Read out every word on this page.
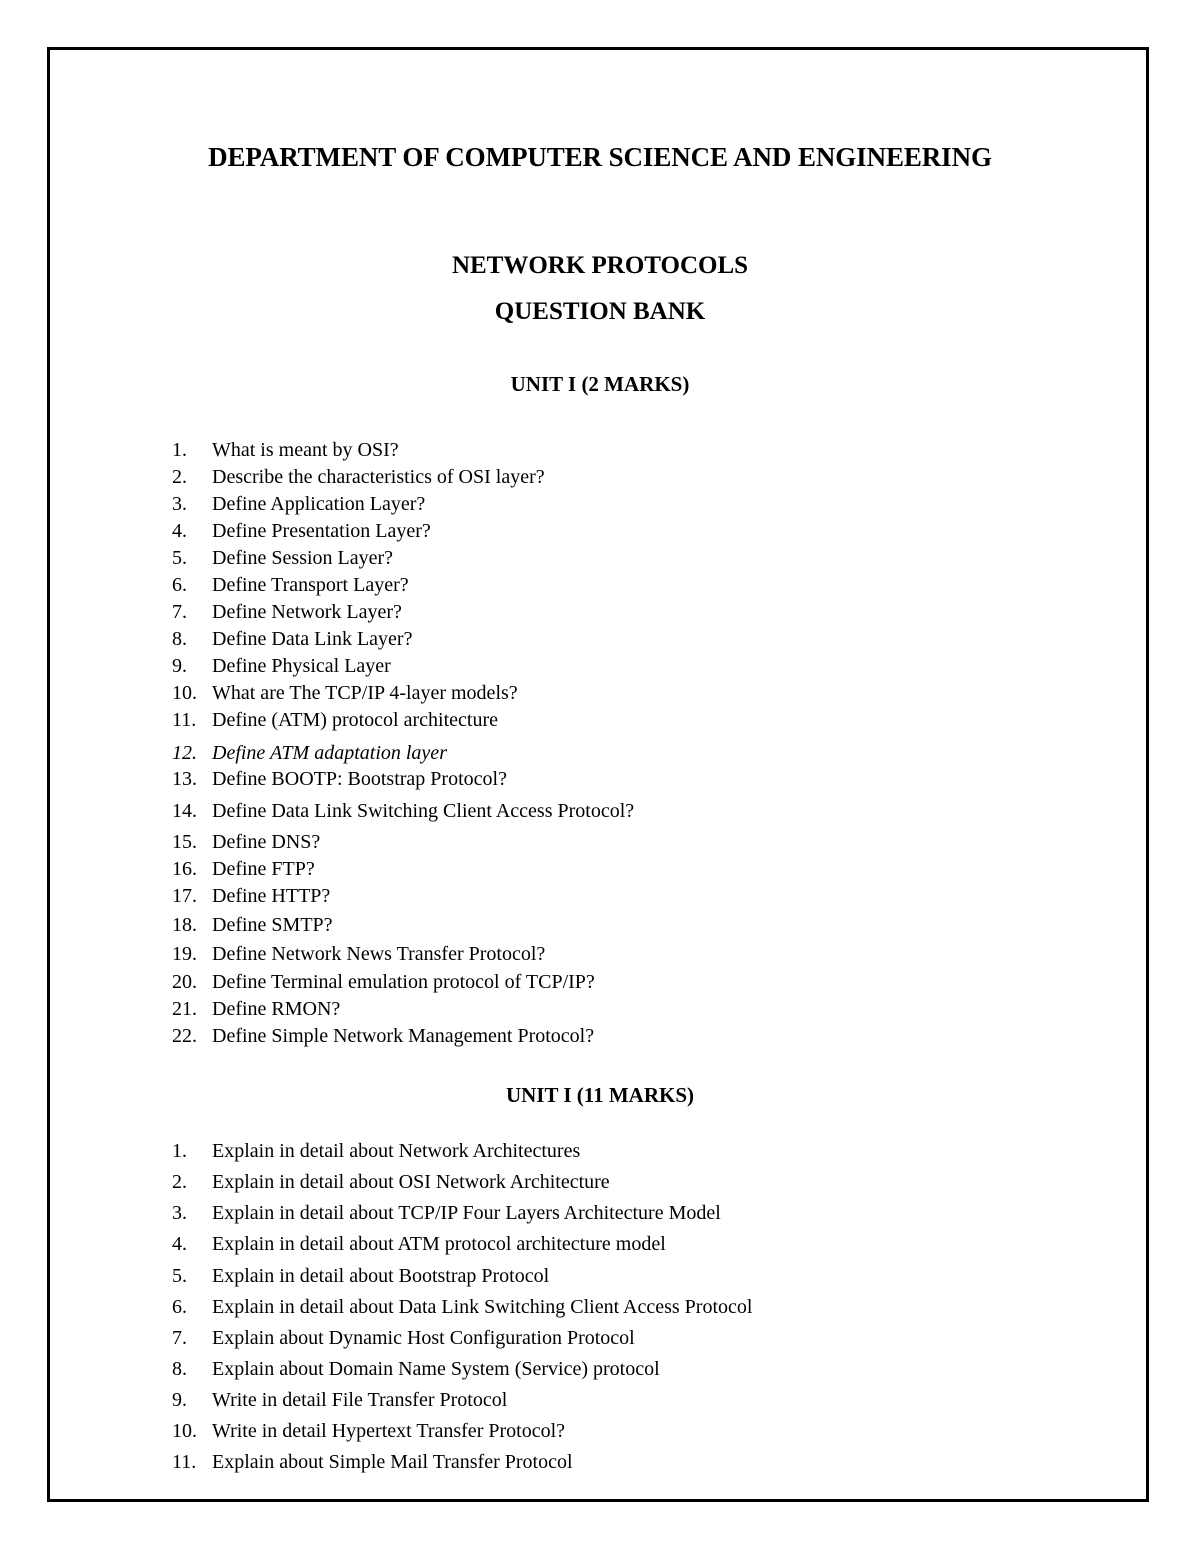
DEPARTMENT OF COMPUTER SCIENCE AND ENGINEERING
NETWORK PROTOCOLS
QUESTION BANK
UNIT I (2 MARKS)
1. What is meant by OSI?
2. Describe the characteristics of OSI layer?
3. Define Application Layer?
4. Define Presentation Layer?
5. Define Session Layer?
6. Define Transport Layer?
7. Define Network Layer?
8. Define Data Link Layer?
9. Define Physical Layer
10. What are The TCP/IP 4-layer models?
11. Define (ATM) protocol architecture
12. Define ATM adaptation layer
13. Define BOOTP: Bootstrap Protocol?
14. Define Data Link Switching Client Access Protocol?
15. Define DNS?
16. Define FTP?
17. Define HTTP?
18. Define SMTP?
19. Define Network News Transfer Protocol?
20. Define Terminal emulation protocol of TCP/IP?
21. Define RMON?
22. Define Simple Network Management Protocol?
UNIT I (11 MARKS)
1. Explain in detail about Network Architectures
2. Explain in detail about OSI Network Architecture
3. Explain in detail about TCP/IP Four Layers Architecture Model
4. Explain in detail about ATM protocol architecture model
5. Explain in detail about Bootstrap Protocol
6. Explain in detail about Data Link Switching Client Access Protocol
7. Explain about Dynamic Host Configuration Protocol
8. Explain about Domain Name System (Service) protocol
9. Write in detail File Transfer Protocol
10. Write in detail Hypertext Transfer Protocol?
11. Explain about Simple Mail Transfer Protocol
